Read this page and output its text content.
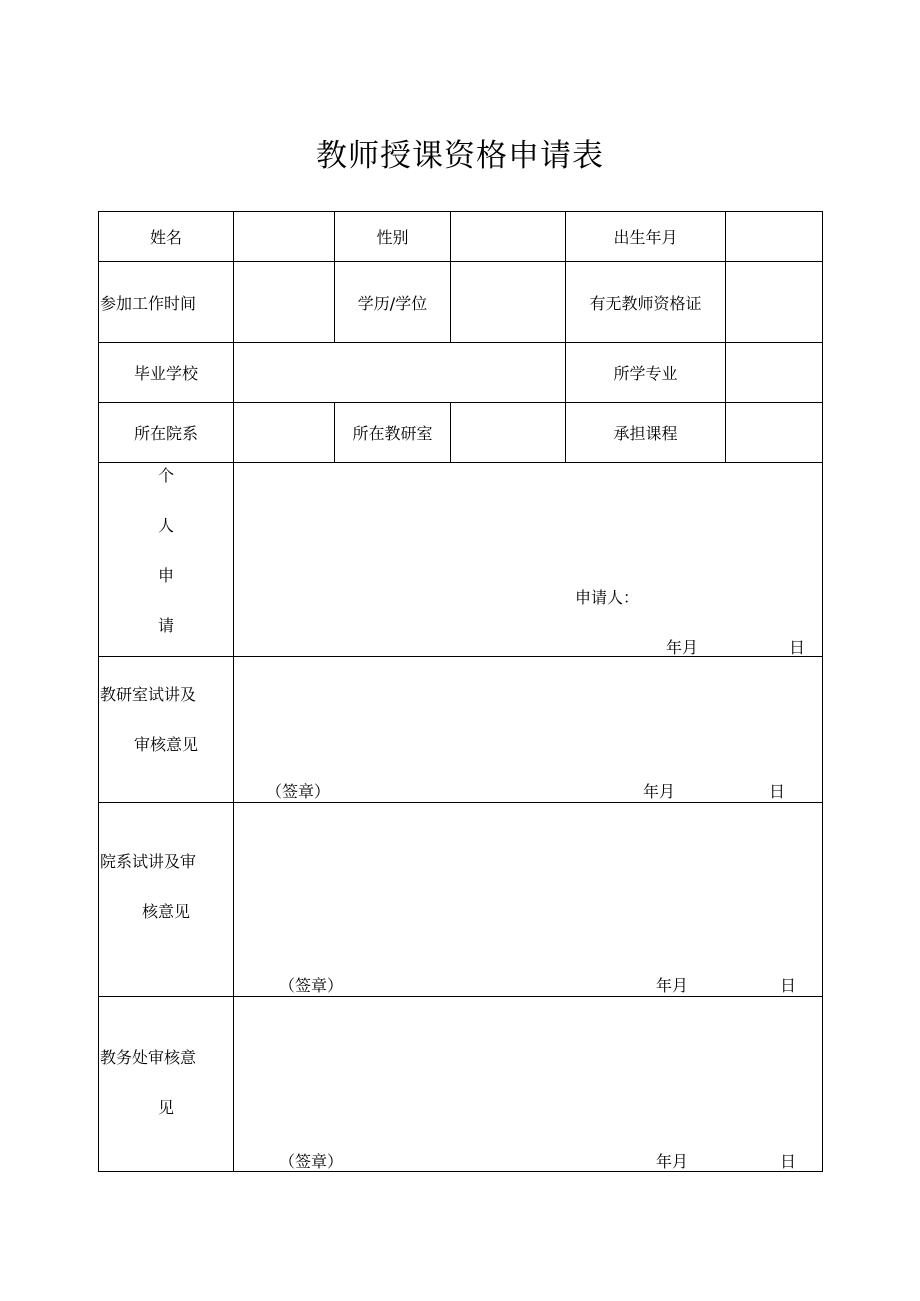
教师授课资格申请表
姓名		性别		出生年月	
参加工作时间		学历/学位		有无教师资格证	
毕业学校				所学专业	
所在院系		所在教研室		承担课程	

个
人
申
请	申请人：
年月 日				

教研室试讲及
审核意见	（签章） 年月 日				

院系试讲及审
核意见	（签章） 年月 日				

教务处审核意
见	（签章） 年月 日				
